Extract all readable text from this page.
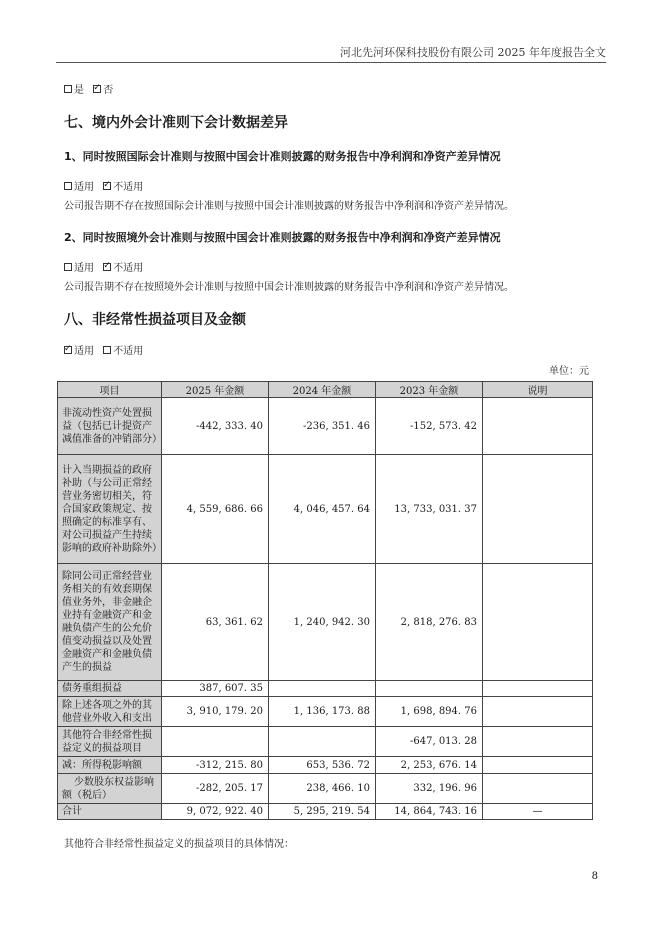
河北先河环保科技股份有限公司 2025 年年度报告全文
是
✓ 否
七、境内外会计准则下会计数据差异
1、同时按照国际会计准则与按照中国会计准则披露的财务报告中净利润和净资产差异情况
适用
✓ 不适用
公司报告期不存在按照国际会计准则与按照中国会计准则披露的财务报告中净利润和净资产差异情况。
2、同时按照境外会计准则与按照中国会计准则披露的财务报告中净利润和净资产差异情况
适用
✓ 不适用
公司报告期不存在按照境外会计准则与按照中国会计准则披露的财务报告中净利润和净资产差异情况。
八、非经常性损益项目及金额
✓
适用
不适用
单位：元
项目	2025 年金额	2024 年金额	2023 年金额	说明
非流动性资产处置损益（包括已计提资产减值准备的冲销部分）	-442, 333. 40	-236, 351. 46	-152, 573. 42	
计入当期损益的政府补助（与公司正常经营业务密切相关，符合国家政策规定、按照确定的标准享有、对公司损益产生持续影响的政府补助除外）	4, 559, 686. 66	4, 046, 457. 64	13, 733, 031. 37	
除同公司正常经营业务相关的有效套期保值业务外，非金融企业持有金融资产和金融负债产生的公允价值变动损益以及处置金融资产和金融负债产生的损益	63, 361. 62	1, 240, 942. 30	2, 818, 276. 83	
债务重组损益	387, 607. 35			
除上述各项之外的其他营业外收入和支出	3, 910, 179. 20	1, 136, 173. 88	1, 698, 894. 76	
其他符合非经常性损益定义的损益项目			-647, 013. 28	
减：所得税影响额	-312, 215. 80	653, 536. 72	2, 253, 676. 14	
少数股东权益影响额（税后）	-282, 205. 17	238, 466. 10	332, 196. 96	
合计	9, 072, 922. 40	5, 295, 219. 54	14, 864, 743. 16	—
其他符合非经常性损益定义的损益项目的具体情况：
8
